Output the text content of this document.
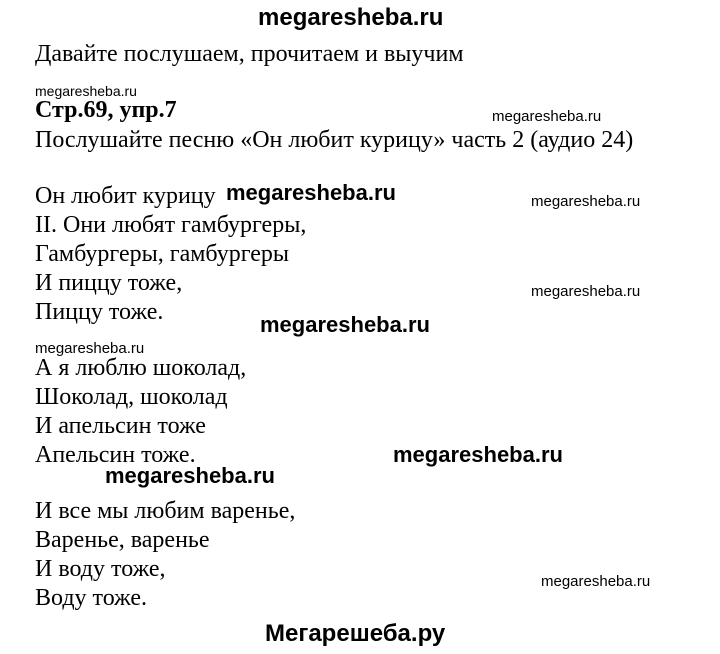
megaresheba.ru
Давайте послушаем, прочитаем и выучим
megaresheba.ru
Стр.69, упр.7	megaresheba.ru
Послушайте песню «Он любит курицу» часть 2 (аудио 24)
Он любит курицу megaresheba.ru	megaresheba.ru
II. Они любят гамбургеры,
Гамбургеры, гамбургеры
И пиццу тоже,	megaresheba.ru
Пиццу тоже.	megaresheba.ru
megaresheba.ru
А я люблю шоколад,
Шоколад, шоколад
И апельсин тоже
Апельсин тоже.	megaresheba.ru
megaresheba.ru
И все мы любим варенье,
Варенье, варенье
И воду тоже,	megaresheba.ru
Воду тоже.
Мегарешеба.ру
